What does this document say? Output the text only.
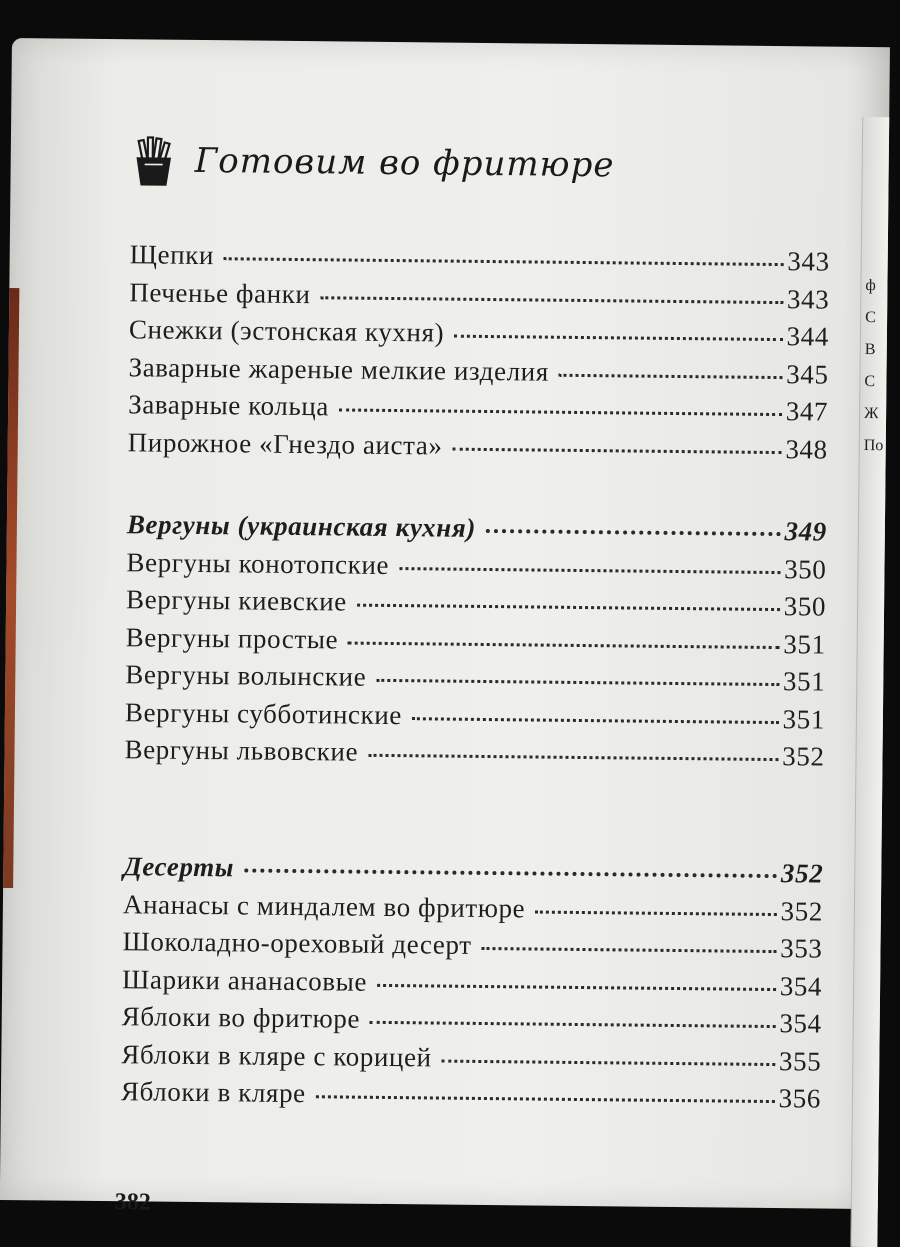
ф
С
В
С
Ж
По
Готовим во фритюре
Щепки	343
Печенье фанки	343
Снежки (эстонская кухня)	344
Заварные жареные мелкие изделия	345
Заварные кольца	347
Пирожное «Гнездо аиста»	348
Вергуны (украинская кухня)	349
Вергуны конотопские	350
Вергуны киевские	350
Вергуны простые	351
Вергуны волынские	351
Вергуны субботинские	351
Вергуны львовские	352
Десерты	352
Ананасы с миндалем во фритюре	352
Шоколадно-ореховый десерт	353
Шарики ананасовые	354
Яблоки во фритюре	354
Яблоки в кляре с корицей	355
Яблоки в кляре	356
382
